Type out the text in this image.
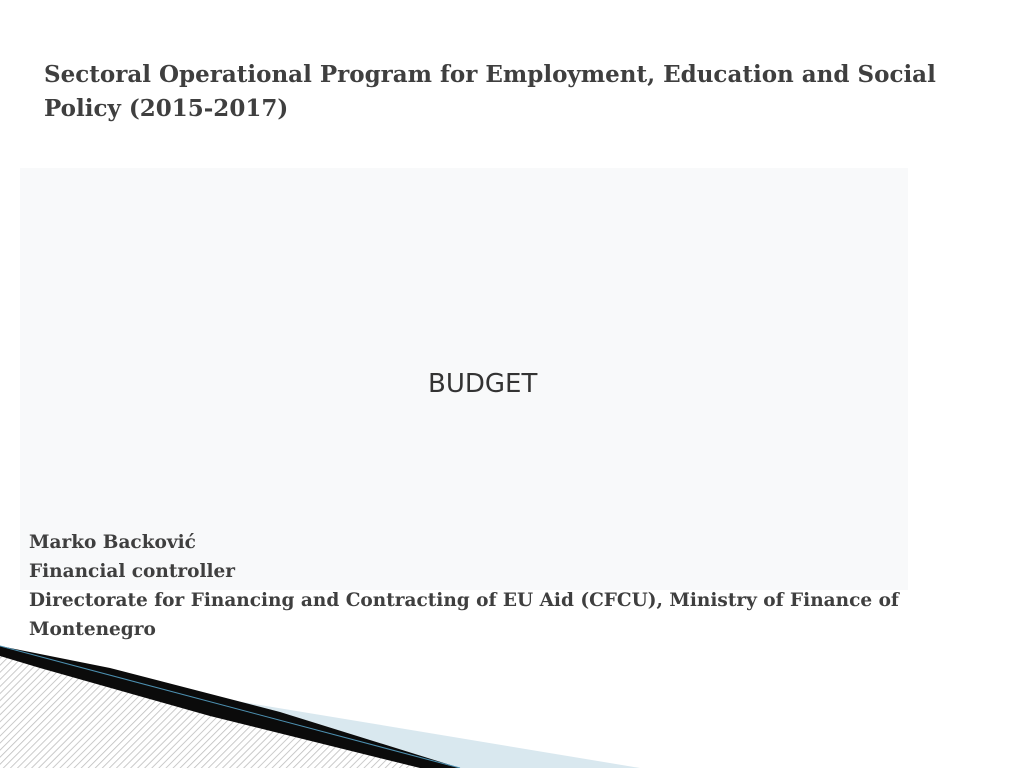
Sectoral Operational Program for Employment, Education and Social Policy (2015-2017)

BUDGET

Marko Backović
Financial controller
Directorate for Financing and Contracting of EU Aid (CFCU), Ministry of Finance of
Montenegro
